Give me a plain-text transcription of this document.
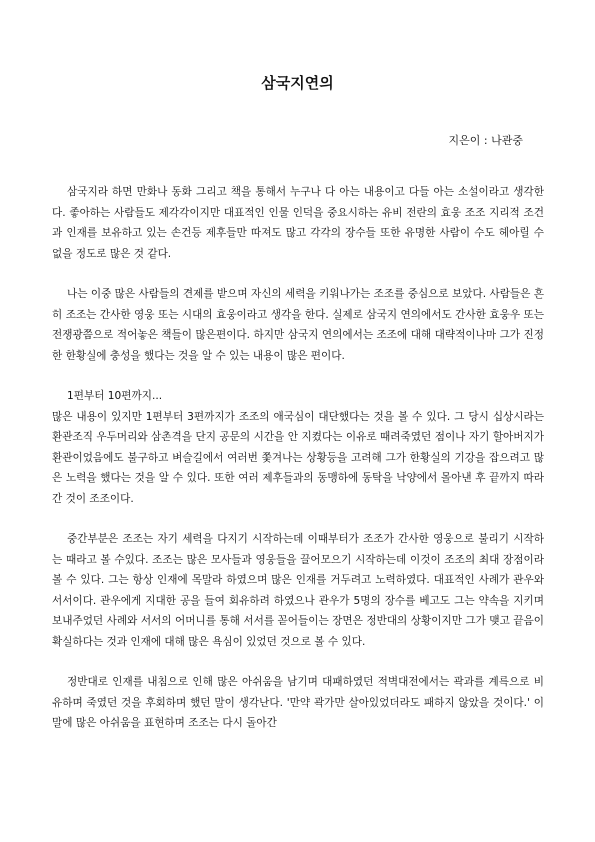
삼국지연의
지은이 : 나관중

삼국지라 하면 만화나 동화 그리고 책을 통해서 누구나 다 아는 내용이고 다들 아는 소설이라고 생각한다. 좋아하는 사람들도 제각각이지만 대표적인 인물 인덕을 중요시하는 유비 전란의 효웅 조조 지리적 조건과 인재를 보유하고 있는 손건등 제후들만 따져도 많고 각각의 장수들 또한 유명한 사람이 수도 헤아릴 수 없을 정도로 많은 것 같다.

나는 이중 많은 사람들의 견제를 받으며 자신의 세력을 키워나가는 조조를 중심으로 보았다. 사람들은 흔히 조조는 간사한 영웅 또는 시대의 효웅이라고 생각을 한다. 실제로 삼국지 연의에서도 간사한 효웅우 또는 전쟁광쯤으로 적어놓은 책들이 많은편이다. 하지만 삼국지 연의에서는 조조에 대해 대략적이나마 그가 진정한 한황실에 충성을 했다는 것을 알 수 있는 내용이 많은 편이다.

1편부터 10편까지...
많은 내용이 있지만 1편부터 3편까지가 조조의 애국심이 대단했다는 것을 볼 수 있다. 그 당시 십상시라는 환관조직 우두머리와 삼촌격을 단지 공문의 시간을 안 지켰다는 이유로 때려죽였던 점이나 자기 할아버지가 환관이었음에도 불구하고 벼슬길에서 여러번 쫓겨나는 상황등을 고려해 그가 한황실의 기강을 잡으려고 많은 노력을 했다는 것을 알 수 있다. 또한 여러 제후들과의 동맹하에 동탁을 낙양에서 몰아낸 후 끝까지 따라간 것이 조조이다.

중간부분은 조조는 자기 세력을 다지기 시작하는데 이때부터가 조조가 간사한 영웅으로 불리기 시작하는 때라고 볼 수있다. 조조는 많은 모사들과 영웅들을 끌어모으기 시작하는데 이것이 조조의 최대 장점이라 볼 수 있다. 그는 항상 인재에 목말라 하였으며 많은 인재를 거두려고 노력하였다. 대표적인 사례가 관우와 서서이다. 관우에게 지대한 공을 들여 회유하려 하였으나 관우가 5명의 장수를 베고도 그는 약속을 지키며 보내주었던 사례와 서서의 어머니를 통해 서서를 꼳어들이는 장면은 정반대의 상황이지만 그가 맺고 끝음이 확실하다는 것과 인재에 대해 많은 욕심이 있었던 것으로 볼 수 있다.

정반대로 인재를 내침으로 인해 많은 아쉬움을 남기며 대패하였던 적벽대전에서는 곽과를 계륵으로 비유하며 죽였던 것을 후회하며 했던 말이 생각난다. '만약 곽가만 살아있었더라도 패하지 않았을 것이다.' 이말에 많은 아쉬움을 표현하며 조조는 다시 돌아간
